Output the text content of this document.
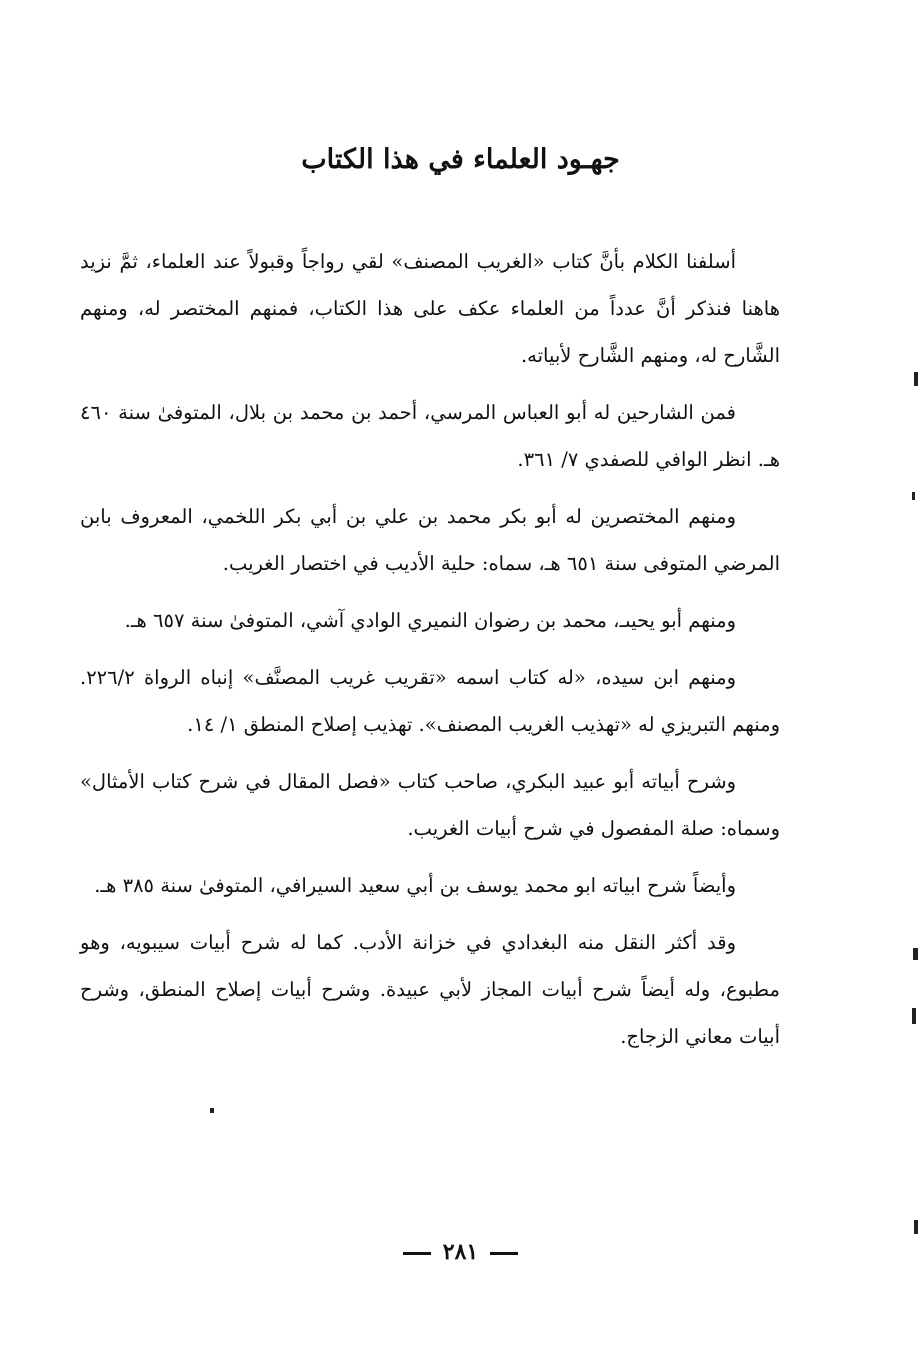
جهـود العلماء في هذا الكتاب

أسلفنا الكلام بأنَّ كتاب «الغريب المصنف» لقي رواجاً وقبولاً عند العلماء، ثمَّ نزيد هاهنا فنذكر أنَّ عدداً من العلماء عكف على هذا الكتاب، فمنهم المختصر له، ومنهم الشَّارح له، ومنهم الشَّارح لأبياته.

فمن الشارحين له أبو العباس المرسي، أحمد بن محمد بن بلال، المتوفىٰ سنة ٤٦٠ هـ. انظر الوافي للصفدي ٧/ ٣٦١.

ومنهم المختصرين له أبو بكر محمد بن علي بن أبي بكر اللخمي، المعروف بابن المرضي المتوفى سنة ٦٥١ هـ، سماه: حلية الأديب في اختصار الغريب.

ومنهم أبو يحيىـ، محمد بن رضوان النميري الوادي آشي، المتوفىٰ سنة ٦٥٧ هـ.

ومنهم ابن سيده، «له كتاب اسمه «تقريب غريب المصنَّف» إنباه الرواة ٢٢٦/٢. ومنهم التبريزي له «تهذيب الغريب المصنف». تهذيب إصلاح المنطق ١/ ١٤.

وشرح أبياته أبو عبيد البكري، صاحب كتاب «فصل المقال في شرح كتاب الأمثال» وسماه: صلة المفصول في شرح أبيات الغريب.

وأيضاً شرح ابياته ابو محمد يوسف بن أبي سعيد السيرافي، المتوفىٰ سنة ٣٨٥ هـ.

وقد أكثر النقل منه البغدادي في خزانة الأدب. كما له شرح أبيات سيبويه، وهو مطبوع، وله أيضاً شرح أبيات المجاز لأبي عبيدة. وشرح أبيات إصلاح المنطق، وشرح أبيات معاني الزجاج.

٢٨١
